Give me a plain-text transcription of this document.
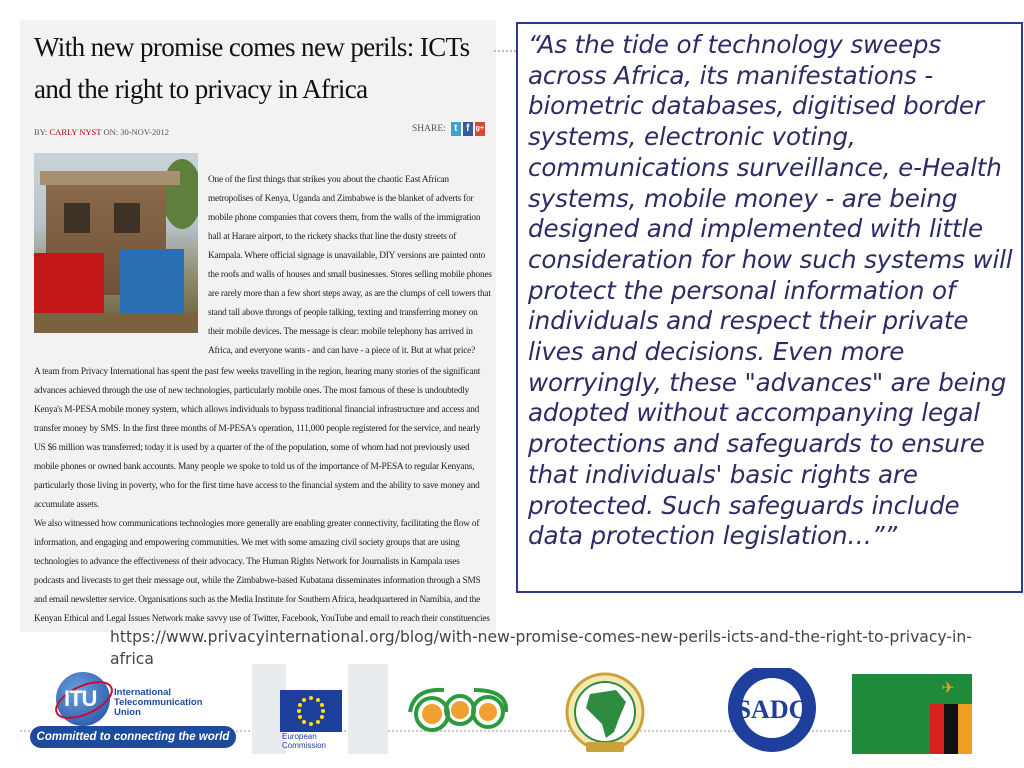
With new promise comes new perils: ICTs and the right to privacy in Africa
BY: CARLY NYST ON: 30-NOV-2012	SHARE: t f g+
One of the first things that strikes you about the chaotic East African metropolises of Kenya, Uganda and Zimbabwe is the blanket of adverts for mobile phone companies that covers them, from the walls of the immigration hall at Harare airport, to the rickety shacks that line the dusty streets of Kampala. Where official signage is unavailable, DIY versions are painted onto the roofs and walls of houses and small businesses. Stores selling mobile phones are rarely more than a few short steps away, as are the clumps of cell towers that stand tall above throngs of people talking, texting and transferring money on their mobile devices. The message is clear: mobile telephony has arrived in Africa, and everyone wants - and can have - a piece of it. But at what price?
A team from Privacy International has spent the past few weeks travelling in the region, hearing many stories of the significant advances achieved through the use of new technologies, particularly mobile ones. The most famous of these is undoubtedly Kenya's M-PESA mobile money system, which allows individuals to bypass traditional financial infrastructure and access and transfer money by SMS. In the first three months of M-PESA's operation, 111,000 people registered for the service, and nearly US $6 million was transferred; today it is used by a quarter of the of the population, some of whom had not previously used mobile phones or owned bank accounts. Many people we spoke to told us of the importance of M-PESA to regular Kenyans, particularly those living in poverty, who for the first time have access to the financial system and the ability to save money and accumulate assets.
We also witnessed how communications technologies more generally are enabling greater connectivity, facilitating the flow of information, and engaging and empowering communities. We met with some amazing civil society groups that are using technologies to advance the effectiveness of their advocacy. The Human Rights Network for Journalists in Kampala uses podcasts and livecasts to get their message out, while the Zimbabwe-based Kubatana disseminates information through a SMS and email newsletter service. Organisations such as the Media Institute for Southern Africa, headquartered in Namibia, and the Kenyan Ethical and Legal Issues Network make savvy use of Twitter, Facebook, YouTube and email to reach their constituencies
“As the tide of technology sweeps across Africa, its manifestations - biometric databases, digitised border systems, electronic voting, communications surveillance, e-Health systems, mobile money - are being designed and implemented with little consideration for how such systems will protect the personal information of individuals and respect their private lives and decisions. Even more worryingly, these "advances" are being adopted without accompanying legal protections and safeguards to ensure that individuals' basic rights are protected. Such safeguards include data protection legislation…””
https://www.privacyinternational.org/blog/with-new-promise-comes-new-perils-icts-and-the-right-to-privacy-in-africa
ITU International
Telecommunication
Union
Committed to connecting the world	European
Commission
SADC
✈
